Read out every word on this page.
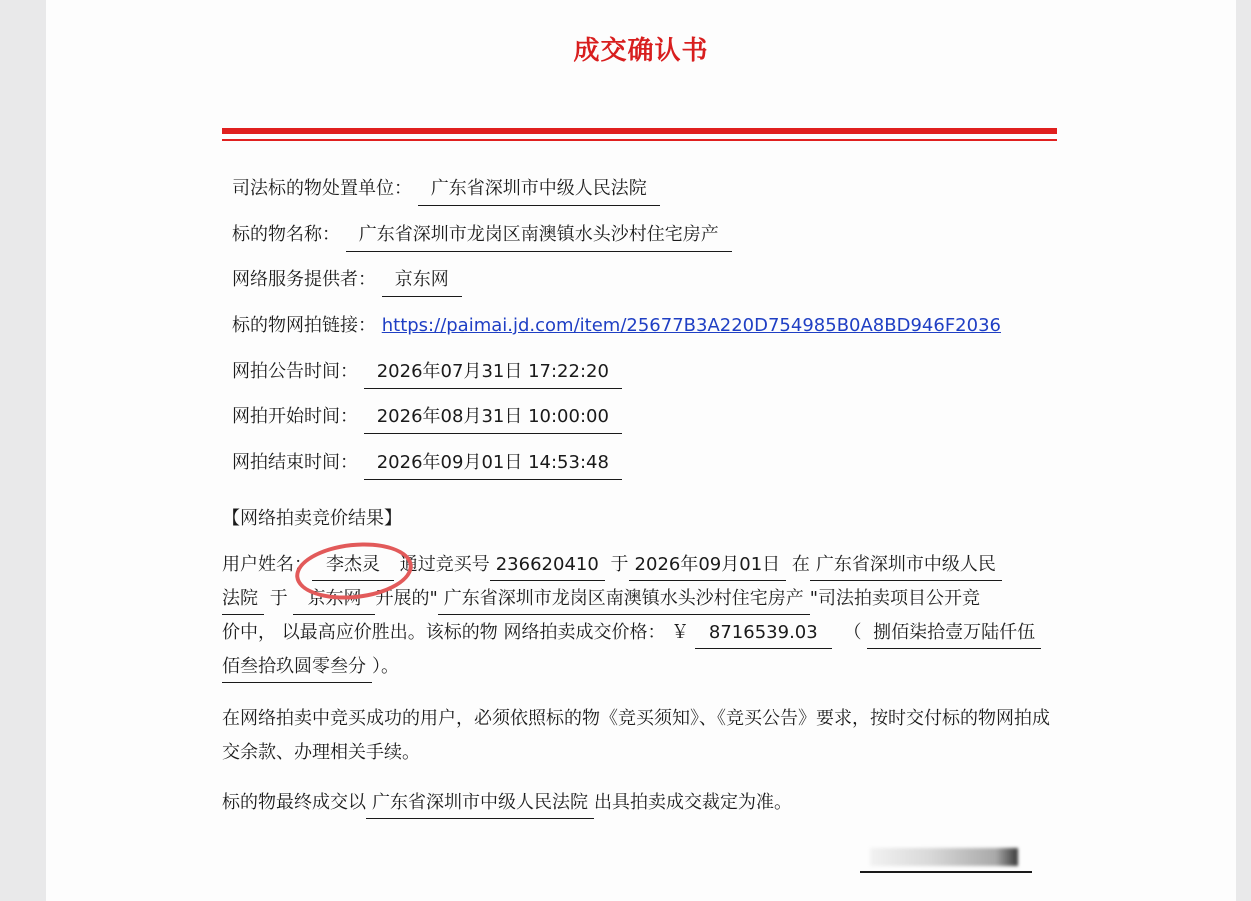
成交确认书
司法标的物处置单位： 广东省深圳市中级人民法院
标的物名称： 广东省深圳市龙岗区南澳镇水头沙村住宅房产
网络服务提供者： 京东网
标的物网拍链接： https://paimai.jd.com/item/25677B3A220D754985B0A8BD946F2036
网拍公告时间： 2026年07月31日 17:22:20
网拍开始时间： 2026年08月31日 10:00:00
网拍结束时间： 2026年09月01日 14:53:48
【网络拍卖竞价结果】
用户姓名： 李杰灵 通过竞买号 236620410 于 2026年09月01日 在 广东省深圳市中级人民
法院 于 京东网 开展的" 广东省深圳市龙岗区南澳镇水头沙村住宅房产 "司法拍卖项目公开竞
价中， 以最高应价胜出。该标的物 网络拍卖成交价格： ￥ 8716539.03 （ 捌佰柒拾壹万陆仟伍
佰叁拾玖圆零叁分 ）。
在网络拍卖中竞买成功的用户，必须依照标的物《竞买须知》、《竞买公告》要求，按时交付标的物网拍成交余款、办理相关手续。
标的物最终成交以 广东省深圳市中级人民法院 出具拍卖成交裁定为准。
